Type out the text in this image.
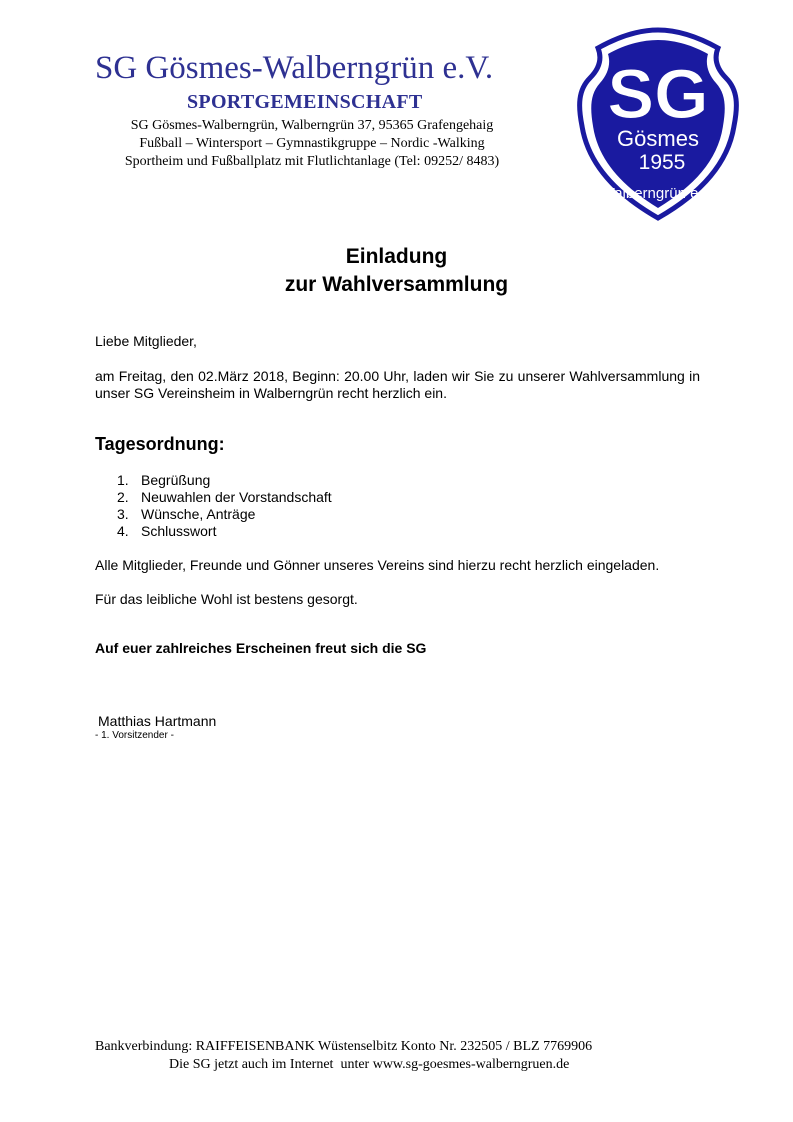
SG Gösmes-Walberngrün e.V.
SPORTGEMEINSCHAFT
SG Gösmes-Walberngrün, Walberngrün 37, 95365 Grafengehaig
Fußball – Wintersport – Gymnastikgruppe – Nordic -Walking
Sportheim und Fußballplatz mit Flutlichtanlage (Tel: 09252/ 8483)
SG
Gösmes
1955
Walberngrün e.V.
Einladung
zur Wahlversammlung
Liebe Mitglieder,
am Freitag, den 02.März 2018, Beginn: 20.00 Uhr, laden wir Sie zu unserer Wahlversammlung in unser SG Vereinsheim in Walberngrün recht herzlich ein.
Tagesordnung:
1. Begrüßung
2. Neuwahlen der Vorstandschaft
3. Wünsche, Anträge
4. Schlusswort
Alle Mitglieder, Freunde und Gönner unseres Vereins sind hierzu recht herzlich eingeladen.
Für das leibliche Wohl ist bestens gesorgt.
Auf euer zahlreiches Erscheinen freut sich die SG
Matthias Hartmann
- 1. Vorsitzender -
Bankverbindung: RAIFFEISENBANK Wüstenselbitz Konto Nr. 232505 / BLZ 7769906
Die SG jetzt auch im Internet  unter www.sg-goesmes-walberngruen.de
